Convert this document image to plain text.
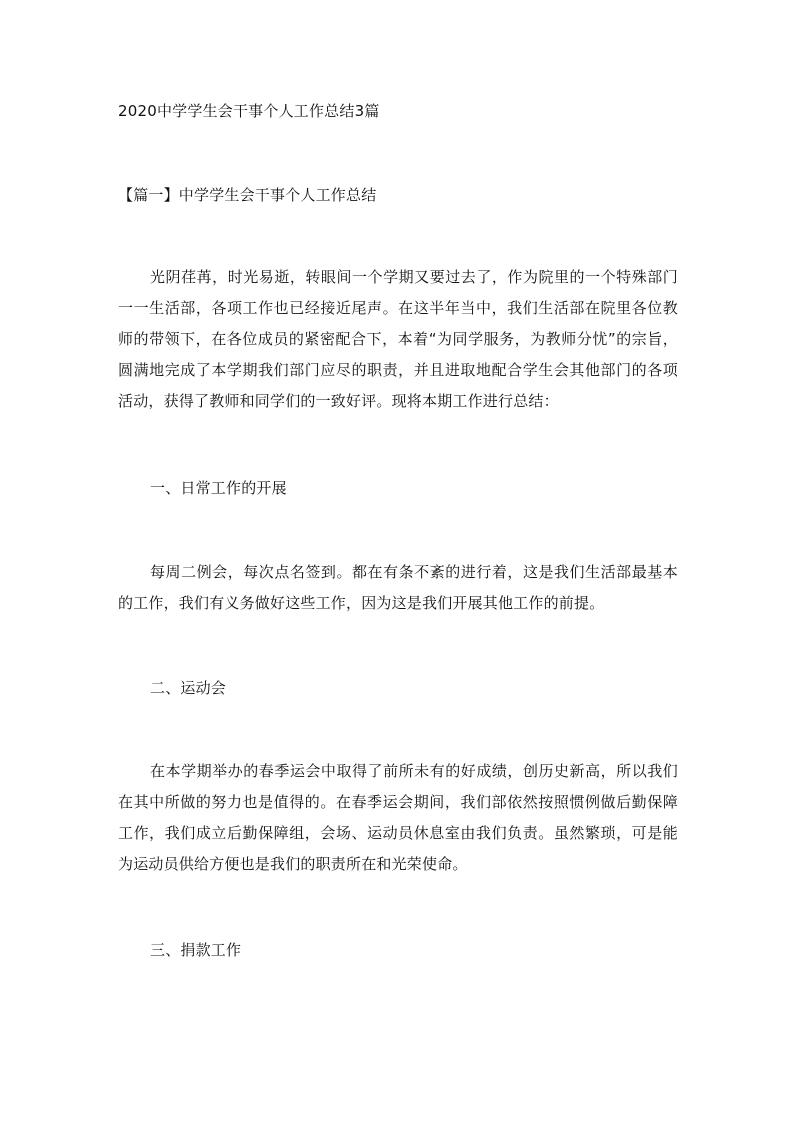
2020中学学生会干事个人工作总结3篇
【篇一】中学学生会干事个人工作总结
光阴荏苒，时光易逝，转眼间一个学期又要过去了，作为院里的一个特殊部门一一生活部，各项工作也已经接近尾声。在这半年当中，我们生活部在院里各位教师的带领下，在各位成员的紧密配合下，本着“为同学服务，为教师分忧”的宗旨，圆满地完成了本学期我们部门应尽的职责，并且进取地配合学生会其他部门的各项活动，获得了教师和同学们的一致好评。现将本期工作进行总结：
一、日常工作的开展
每周二例会，每次点名签到。都在有条不紊的进行着，这是我们生活部最基本的工作，我们有义务做好这些工作，因为这是我们开展其他工作的前提。
二、运动会
在本学期举办的春季运会中取得了前所未有的好成绩，创历史新高，所以我们在其中所做的努力也是值得的。在春季运会期间，我们部依然按照惯例做后勤保障工作，我们成立后勤保障组，会场、运动员休息室由我们负责。虽然繁琐，可是能为运动员供给方便也是我们的职责所在和光荣使命。
三、捐款工作
